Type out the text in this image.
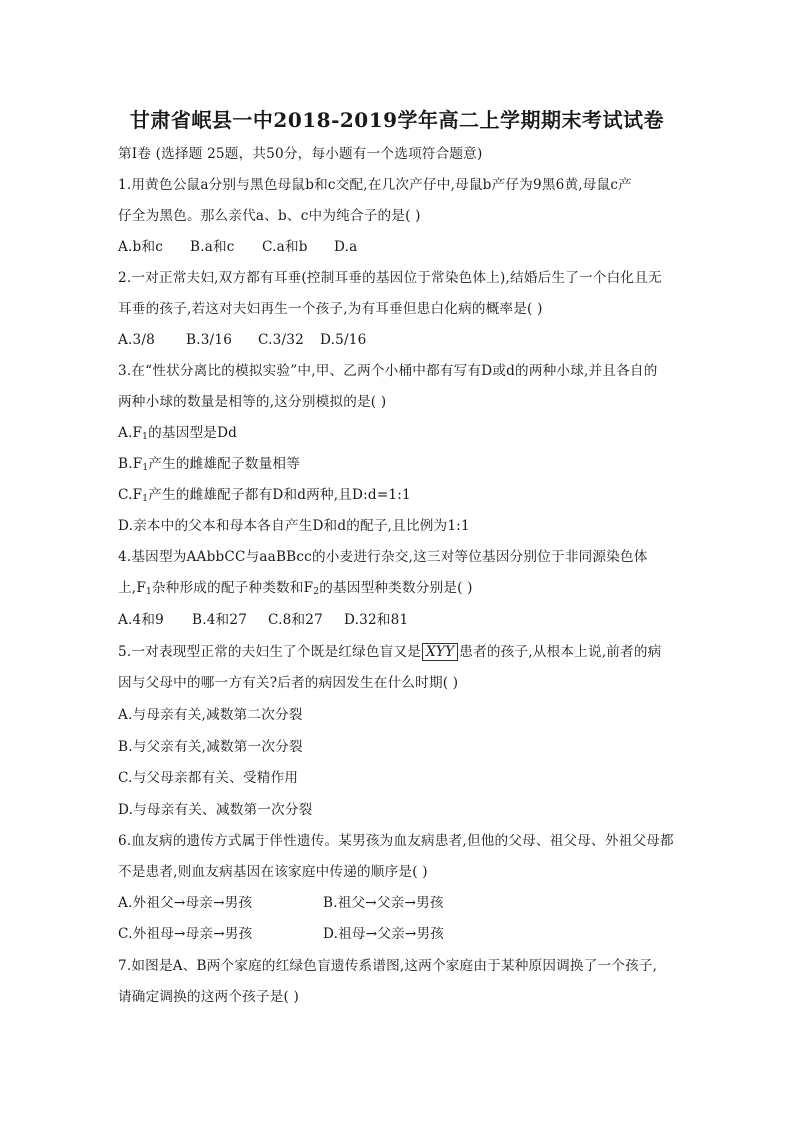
甘肃省岷县一中2018-2019学年高二上学期期末考试试卷
第Ⅰ卷 (选择题 25题，共50分，每小题有一个选项符合题意)
1.用黄色公鼠a分别与黑色母鼠b和c交配,在几次产仔中,母鼠b产仔为9黑6黄,母鼠c产
仔全为黑色。那么亲代a、b、c中为纯合子的是( )
A.b和c B.a和c C.a和b D.a
2.一对正常夫妇,双方都有耳垂(控制耳垂的基因位于常染色体上),结婚后生了一个白化且无
耳垂的孩子,若这对夫妇再生一个孩子,为有耳垂但患白化病的概率是( )
A.3/8 B.3/16 C.3/32 D.5/16
3.在“性状分离比的模拟实验”中,甲、乙两个小桶中都有写有D或d的两种小球,并且各自的
两种小球的数量是相等的,这分别模拟的是( )
$A.F_1$的基因型是Dd
$B.F_1$产生的雌雄配子数量相等
$C.F_1$产生的雌雄配子都有D和d两种,且D:d=1:1
D.亲本中的父本和母本各自产生D和d的配子,且比例为1:1
4.基因型为AAbbCC与aaBBcc的小麦进行杂交,这三对等位基因分别位于非同源染色体
上$,F_1$杂种形成的配子种类数和$F_2$的基因型种类数分别是( )
A.4和9 B.4和27 C.8和27 D.32和81
5.一对表现型正常的夫妇生了个既是红绿色盲又是 XYY 患者的孩子,从根本上说,前者的病
因与父母中的哪一方有关?后者的病因发生在什么时期( )
A.与母亲有关,减数第二次分裂
B.与父亲有关,减数第一次分裂
C.与父母亲都有关、受精作用
D.与母亲有关、减数第一次分裂
6.血友病的遗传方式属于伴性遗传。某男孩为血友病患者,但他的父母、祖父母、外祖父母都
不是患者,则血友病基因在该家庭中传递的顺序是( )
A.外祖父→母亲→男孩	B.祖父→父亲→男孩
C.外祖母→母亲→男孩	D.祖母→父亲→男孩
7.如图是A、B两个家庭的红绿色盲遗传系谱图,这两个家庭由于某种原因调换了一个孩子,
请确定调换的这两个孩子是( )
